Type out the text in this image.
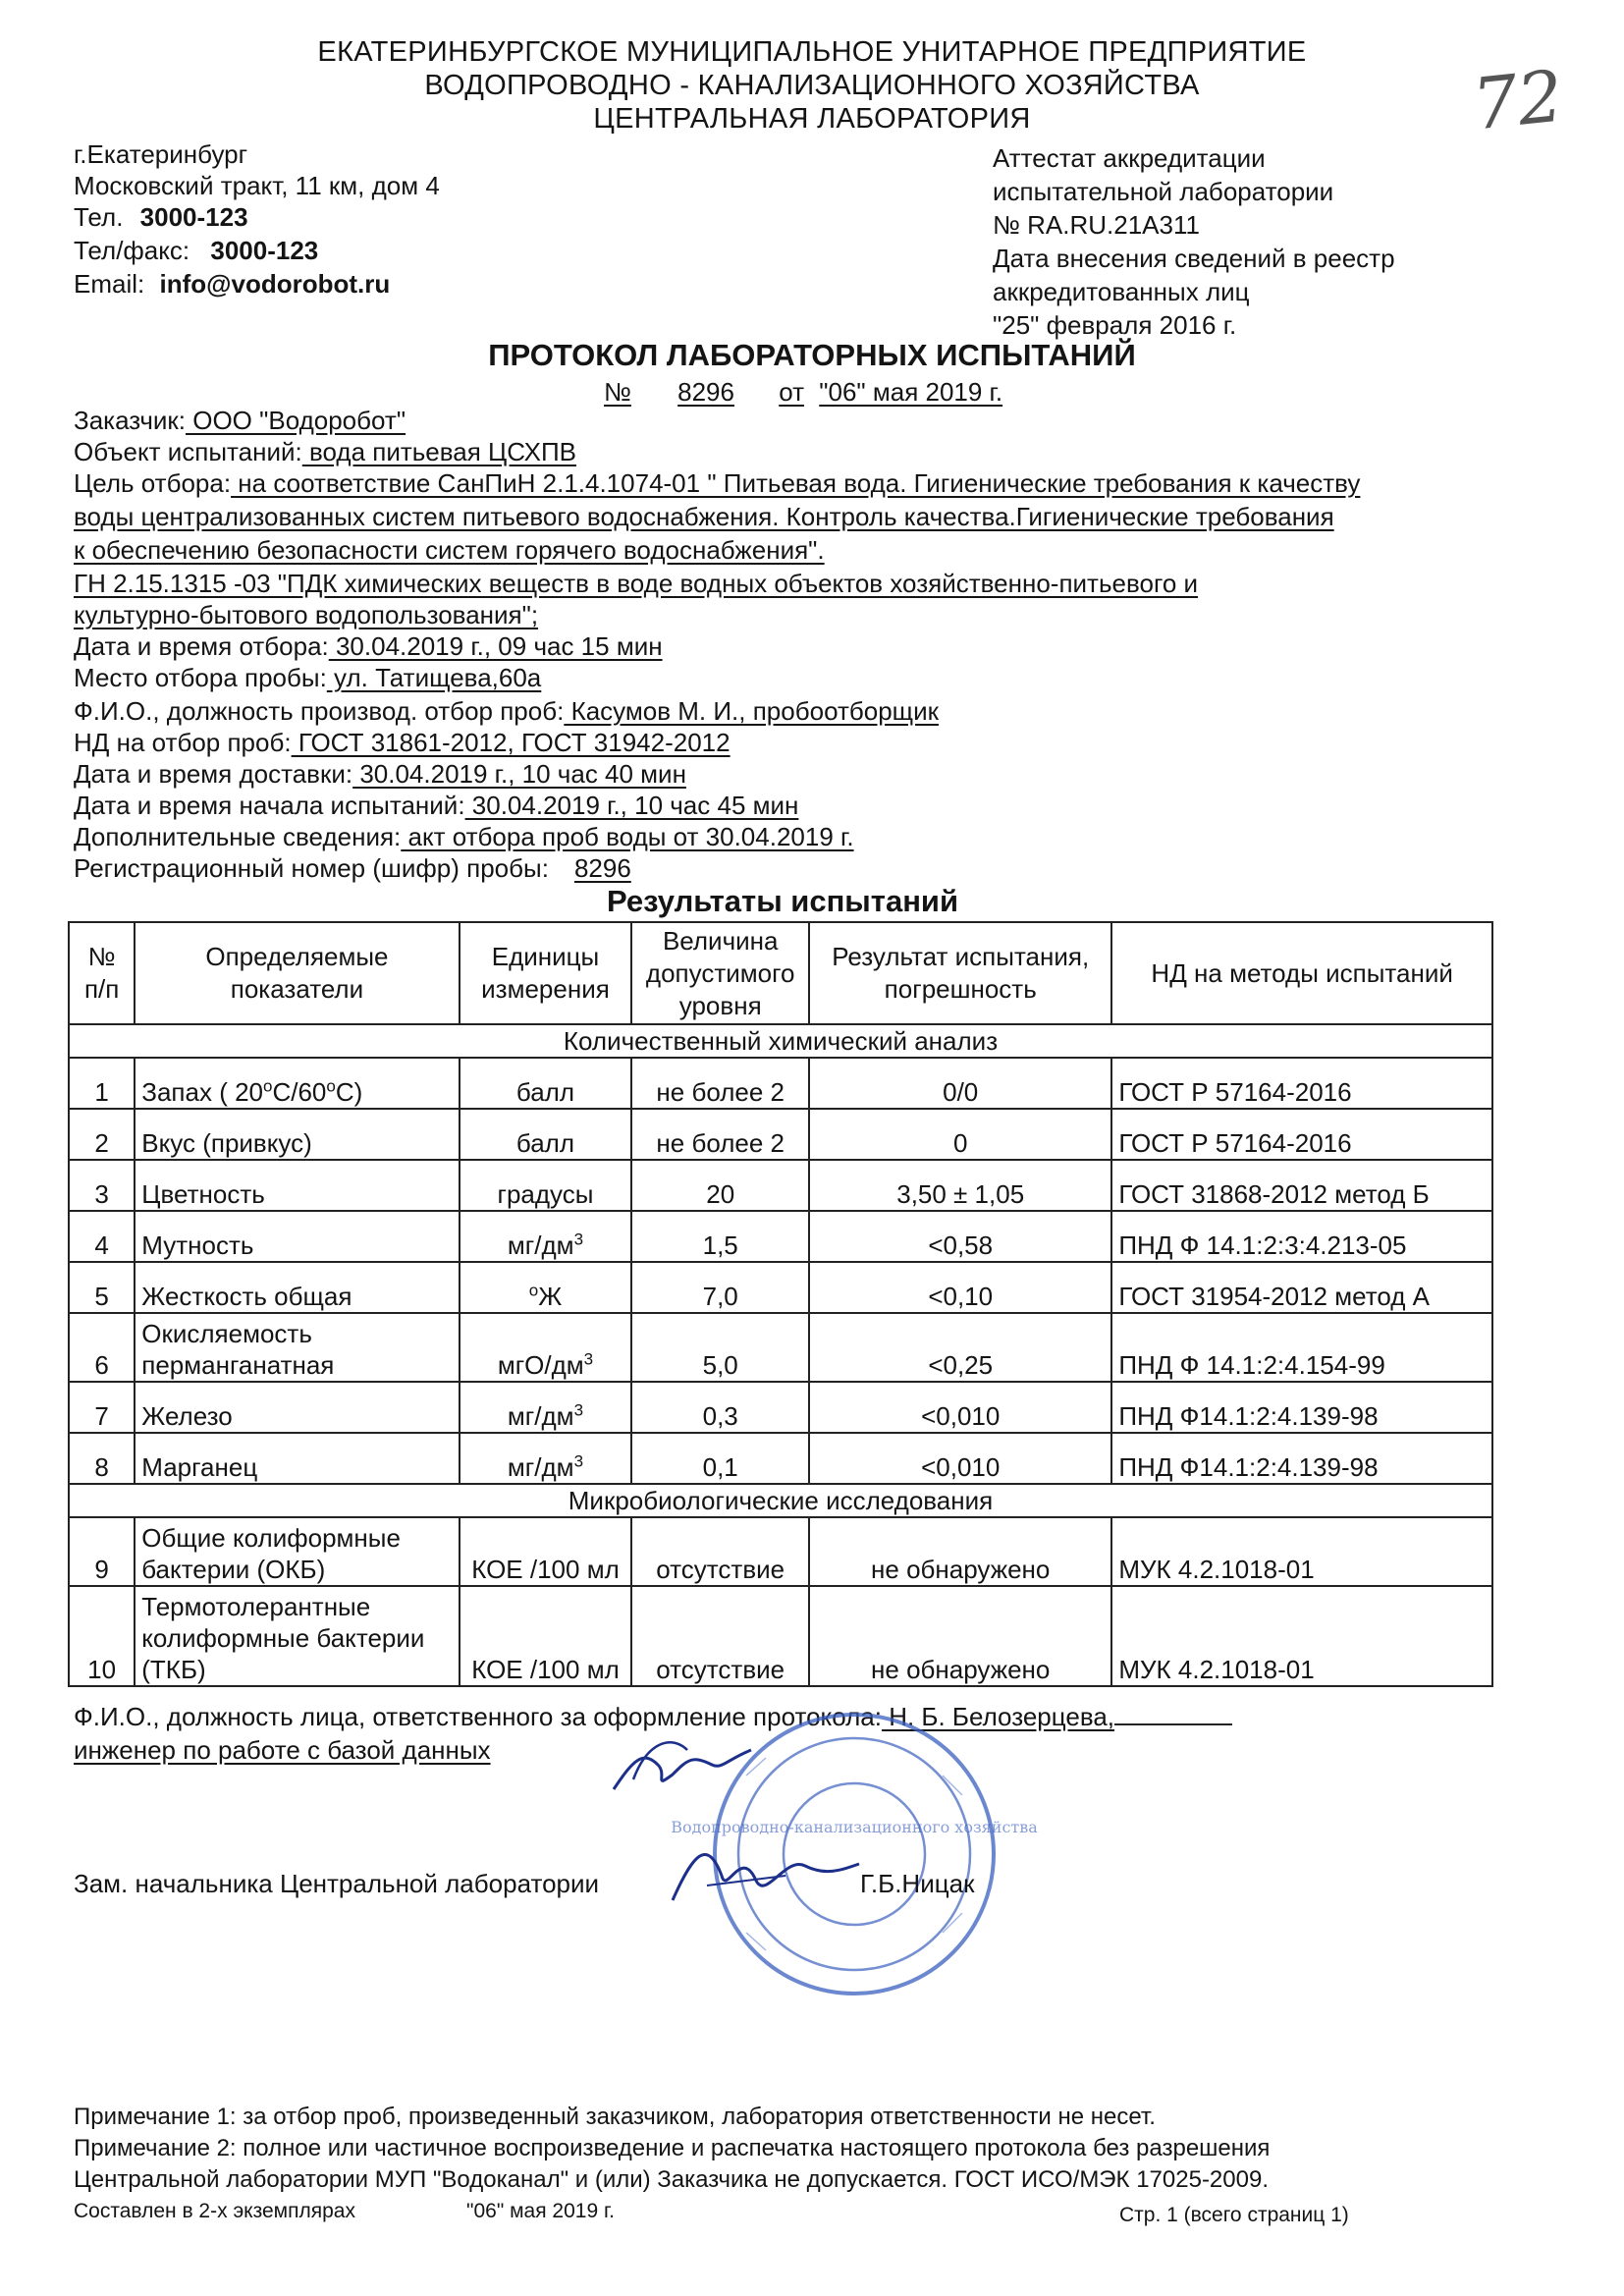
72
ЕКАТЕРИНБУРГСКОЕ МУНИЦИПАЛЬНОЕ УНИТАРНОЕ ПРЕДПРИЯТИЕ
ВОДОПРОВОДНО - КАНАЛИЗАЦИОННОГО ХОЗЯЙСТВА
ЦЕНТРАЛЬНАЯ ЛАБОРАТОРИЯ
г.Екатеринбург
Московский тракт, 11 км, дом 4
Тел. 3000-123
Тел/факс: 3000-123
Email: info@vodorobot.ru
Аттестат аккредитации
испытательной лаборатории
№ RA.RU.21А311
Дата внесения сведений в реестр
аккредитованных лиц
"25" февраля 2016 г.
ПРОТОКОЛ ЛАБОРАТОРНЫХ ИСПЫТАНИЙ
№ 8296 от "06" мая 2019 г.
Заказчик: ООО "Водоробот"
Объект испытаний: вода питьевая ЦСХПВ
Цель отбора: на соответствие СанПиН 2.1.4.1074-01 " Питьевая вода. Гигиенические требования к качеству
воды централизованных систем питьевого водоснабжения. Контроль качества.Гигиенические требования
к обеспечению безопасности систем горячего водоснабжения".
ГН 2.15.1315 -03 "ПДК химических веществ в воде водных объектов хозяйственно-питьевого и
культурно-бытового водопользования";
Дата и время отбора: 30.04.2019 г., 09 час 15 мин
Место отбора пробы: ул. Татищева,60а
Ф.И.О., должность производ. отбор проб: Касумов М. И., пробоотборщик
НД на отбор проб: ГОСТ 31861-2012, ГОСТ 31942-2012
Дата и время доставки: 30.04.2019 г., 10 час 40 мин
Дата и время начала испытаний: 30.04.2019 г., 10 час 45 мин
Дополнительные сведения: акт отбора проб воды от 30.04.2019 г.
Регистрационный номер (шифр) пробы: 8296
Результаты испытаний
№ п/п	Определяемые показатели	Единицы измерения	Величина допустимого уровня	Результат испытания, погрешность	НД на методы испытаний
Количественный химический анализ					
1	Запах ( $20^оС/60^оС$)	балл	не более 2	0/0	ГОСТ Р 57164-2016
2	Вкус (привкус)	балл	не более 2	0	ГОСТ Р 57164-2016
3	Цветность	градусы	20	3,50 ± 1,05	ГОСТ 31868-2012 метод Б
4	Мутность	$мг/дм^3$	1,5	<0,58	ПНД Ф 14.1:2:3:4.213-05
5	Жесткость общая	$^о$Ж	7,0	<0,10	ГОСТ 31954-2012 метод А
6	Окисляемость перманганатная	мгО/$дм^3$	5,0	<0,25	ПНД Ф 14.1:2:4.154-99
7	Железо	$мг/дм^3$	0,3	<0,010	ПНД Ф14.1:2:4.139-98
8	Марганец	$мг/дм^3$	0,1	<0,010	ПНД Ф14.1:2:4.139-98
Микробиологические исследования					
9	Общие колиформные бактерии (ОКБ)	КОЕ /100 мл	отсутствие	не обнаружено	МУК 4.2.1018-01
10	Термотолерантные колиформные бактерии (ТКБ)	КОЕ /100 мл	отсутствие	не обнаружено	МУК 4.2.1018-01
Ф.И.О., должность лица, ответственного за оформление протокола: Н. Б. Белозерцева,
инженер по работе с базой данных
Водопроводно-канализационного хозяйства
Зам. начальника Центральной лаборатории	Г.Б.Ницак
Примечание 1: за отбор проб, произведенный заказчиком, лаборатория ответственности не несет.
Примечание 2: полное или частичное воспроизведение и распечатка настоящего протокола без разрешения
Центральной лаборатории МУП "Водоканал" и (или) Заказчика не допускается. ГОСТ ИСО/МЭК 17025-2009.
Составлен в 2-х экземплярах	"06" мая 2019 г.	Стр. 1 (всего страниц 1)
